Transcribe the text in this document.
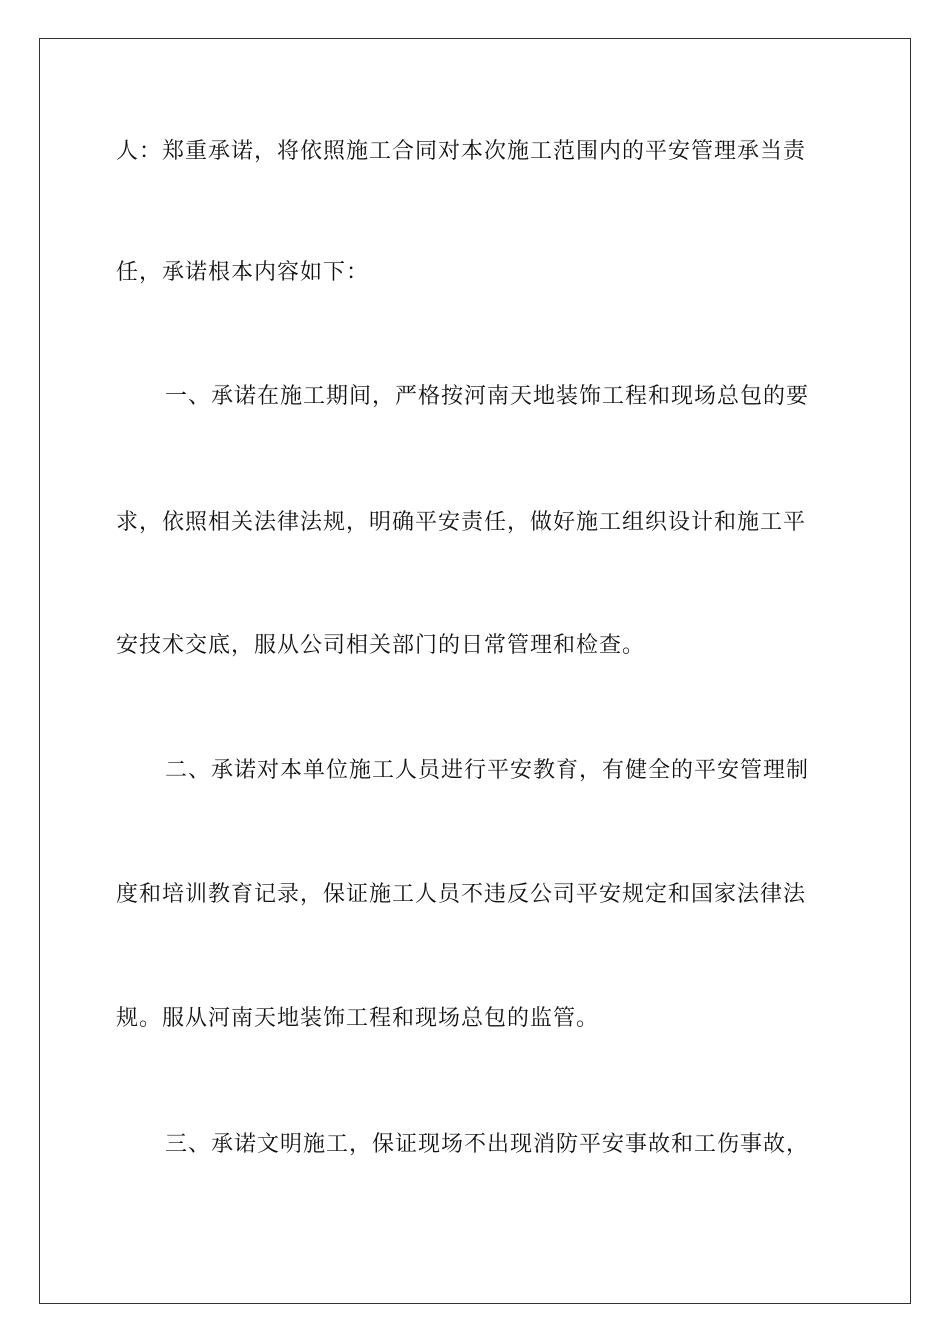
人：郑重承诺，将依照施工合同对本次施工范围内的平安管理承当责
任，承诺根本内容如下：
一、承诺在施工期间，严格按河南天地装饰工程和现场总包的要
求，依照相关法律法规，明确平安责任，做好施工组织设计和施工平
安技术交底，服从公司相关部门的日常管理和检查。
二、承诺对本单位施工人员进行平安教育，有健全的平安管理制
度和培训教育记录，保证施工人员不违反公司平安规定和国家法律法
规。服从河南天地装饰工程和现场总包的监管。
三、承诺文明施工，保证现场不出现消防平安事故和工伤事故，
